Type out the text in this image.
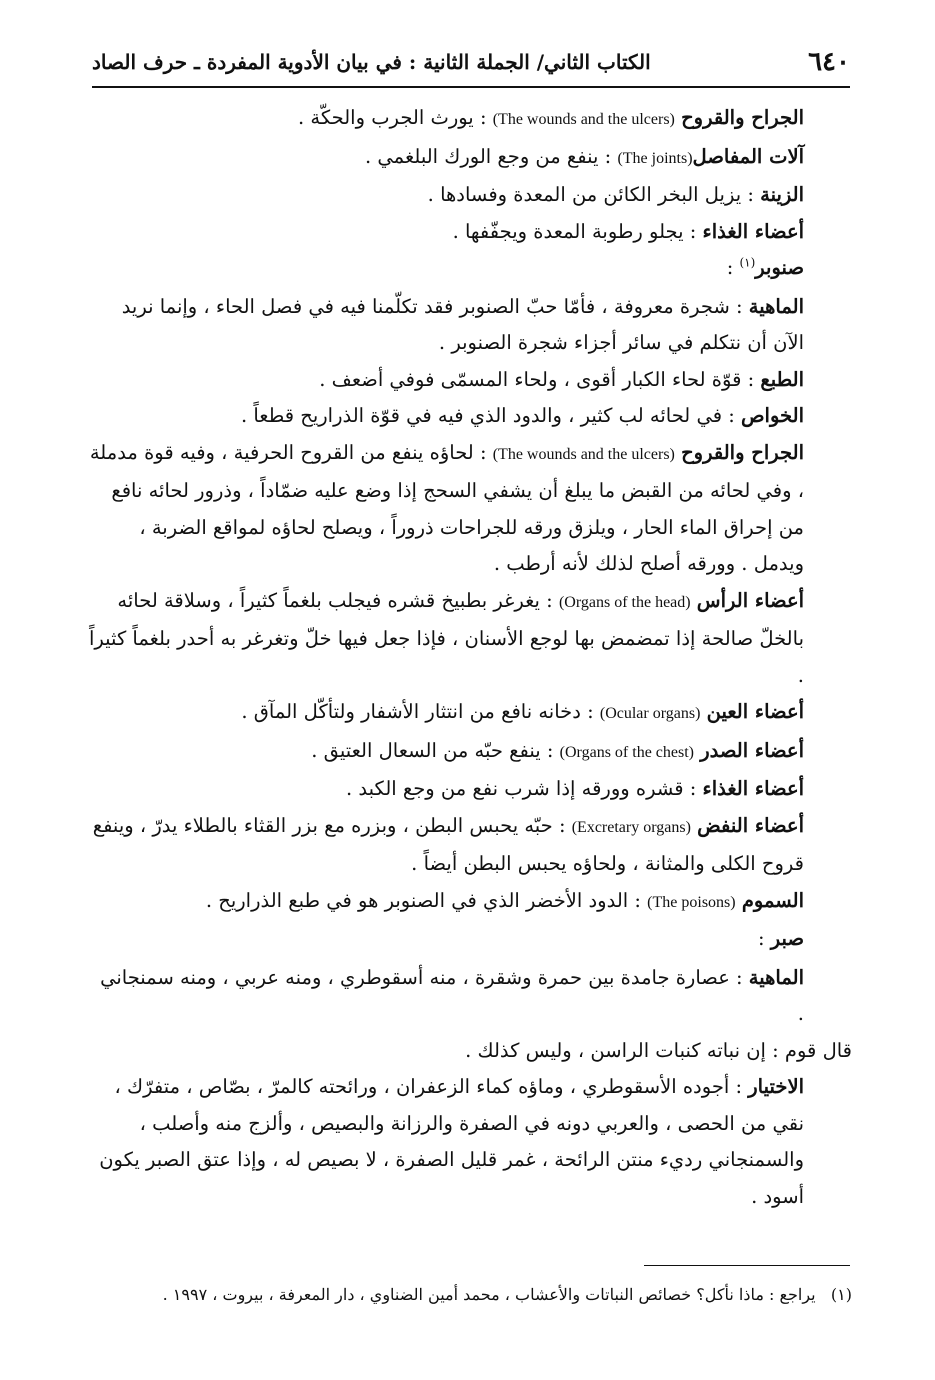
٦٤٠
الكتاب الثاني/ الجملة الثانية : في بيان الأدوية المفردة ـ حرف الصاد

الجراح والقروح (The wounds and the ulcers) : يورث الجرب والحكّة .

آلات المفاصل(The joints) : ينفع من وجع الورك البلغمي .

الزينة : يزيل البخر الكائن من المعدة وفسادها .

أعضاء الغذاء : يجلو رطوبة المعدة ويجفّفها .

صنوبر$^{(١)}$ :

الماهية : شجرة معروفة ، فأمّا حبّ الصنوبر فقد تكلّمنا فيه في فصل الحاء ، وإنما نريد الآن أن نتكلم في سائر أجزاء شجرة الصنوبر .

الطبع : قوّة لحاء الكبار أقوى ، ولحاء المسمّى فوفي أضعف .

الخواص : في لحائه لب كثير ، والدود الذي فيه في قوّة الذراريح قطعاً .

الجراح والقروح (The wounds and the ulcers) : لحاؤه ينفع من القروح الحرفية ، وفيه قوة مدملة ، وفي لحائه من القبض ما يبلغ أن يشفي السحج إذا وضع عليه ضمّاداً ، وذرور لحائه نافع من إحراق الماء الحار ، ويلزق ورقه للجراحات ذروراً ، ويصلح لحاؤه لمواقع الضربة ، ويدمل . وورقه أصلح لذلك لأنه أرطب .

أعضاء الرأس (Organs of the head) : يغرغر بطبيخ قشره فيجلب بلغماً كثيراً ، وسلاقة لحائه بالخلّ صالحة إذا تمضمض بها لوجع الأسنان ، فإذا جعل فيها خلّ وتغرغر به أحدر بلغماً كثيراً .

أعضاء العين (Ocular organs) : دخانه نافع من انتثار الأشفار ولتأكّل المآق .

أعضاء الصدر (Organs of the chest) : ينفع حبّه من السعال العتيق .

أعضاء الغذاء : قشره وورقه إذا شرب نفع من وجع الكبد .

أعضاء النفض (Excretary organs) : حبّه يحبس البطن ، وبزره مع بزر القثاء بالطلاء يدرّ ، وينفع قروح الكلى والمثانة ، ولحاؤه يحبس البطن أيضاً .

السموم (The poisons) : الدود الأخضر الذي في الصنوبر هو في طبع الذراريح .

صبر :

الماهية : عصارة جامدة بين حمرة وشقرة ، منه أسقوطري ، ومنه عربي ، ومنه سمنجاني .

قال قوم : إن نباته كنبات الراسن ، وليس كذلك .

الاختيار : أجوده الأسقوطري ، وماؤه كماء الزعفران ، ورائحته كالمرّ ، بصّاص ، متفرّك ، نقي من الحصى ، والعربي دونه في الصفرة والرزانة والبصيص ، وألزج منه وأصلب ، والسمنجاني رديء منتن الرائحة ، غمر قليل الصفرة ، لا بصيص له ، وإذا عتق الصبر يكون أسود .

(١)   يراجع : ماذا نأكل؟ خصائص النباتات والأعشاب ، محمد أمين الضناوي ، دار المعرفة ، بيروت ، ١٩٩٧ .
